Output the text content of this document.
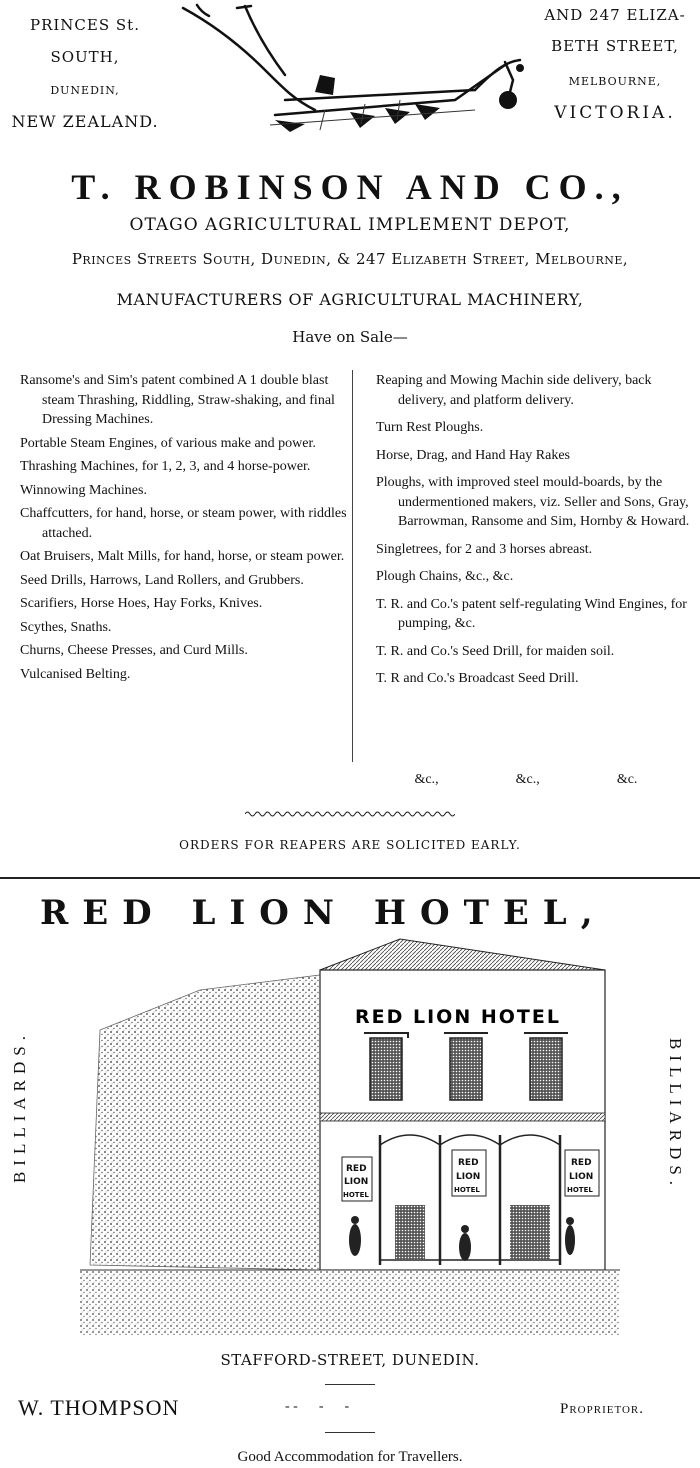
PRINCES St.
SOUTH,
DUNEDIN,
NEW ZEALAND.
AND 247 ELIZA-
BETH STREET,
MELBOURNE,
VICTORIA.
T. ROBINSON AND CO.,
OTAGO AGRICULTURAL IMPLEMENT DEPOT,
Princes Streets South, Dunedin, & 247 Elizabeth Street, Melbourne,
MANUFACTURERS OF AGRICULTURAL MACHINERY,
Have on Sale—
Ransome's and Sim's patent combined A 1 double blast steam Thrashing, Riddling, Straw-shaking, and final Dressing Machines.
Portable Steam Engines, of various make and power.
Thrashing Machines, for 1, 2, 3, and 4 horse-power.
Winnowing Machines.
Chaffcutters, for hand, horse, or steam power, with riddles attached.
Oat Bruisers, Malt Mills, for hand, horse, or steam power.
Seed Drills, Harrows, Land Rollers, and Grubbers.
Scarifiers, Horse Hoes, Hay Forks, Knives.
Scythes, Snaths.
Churns, Cheese Presses, and Curd Mills.
Vulcanised Belting.
Reaping and Mowing Machin side delivery, back delivery, and platform delivery.
Turn Rest Ploughs.
Horse, Drag, and Hand Hay Rakes
Ploughs, with improved steel mould-boards, by the undermentioned makers, viz. Seller and Sons, Gray, Barrowman, Ransome and Sim, Hornby & Howard.
Singletrees, for 2 and 3 horses abreast.
Plough Chains, &c., &c.
T. R. and Co.'s patent self-regulating Wind Engines, for pumping, &c.
T. R. and Co.'s Seed Drill, for maiden soil.
T. R and Co.'s Broadcast Seed Drill.
&c.,	&c.,	&c.
ORDERS FOR REAPERS ARE SOLICITED EARLY.
RED LION HOTEL,
BILLIARDS.	BILLIARDS.
RED LION HOTEL
RED
LION
HOTEL
RED
LION
HOTEL
RED
LION
HOTEL
STAFFORD-STREET, DUNEDIN.
W. THOMPSON	- -      -      -	Proprietor.
Good Accommodation for Travellers.
